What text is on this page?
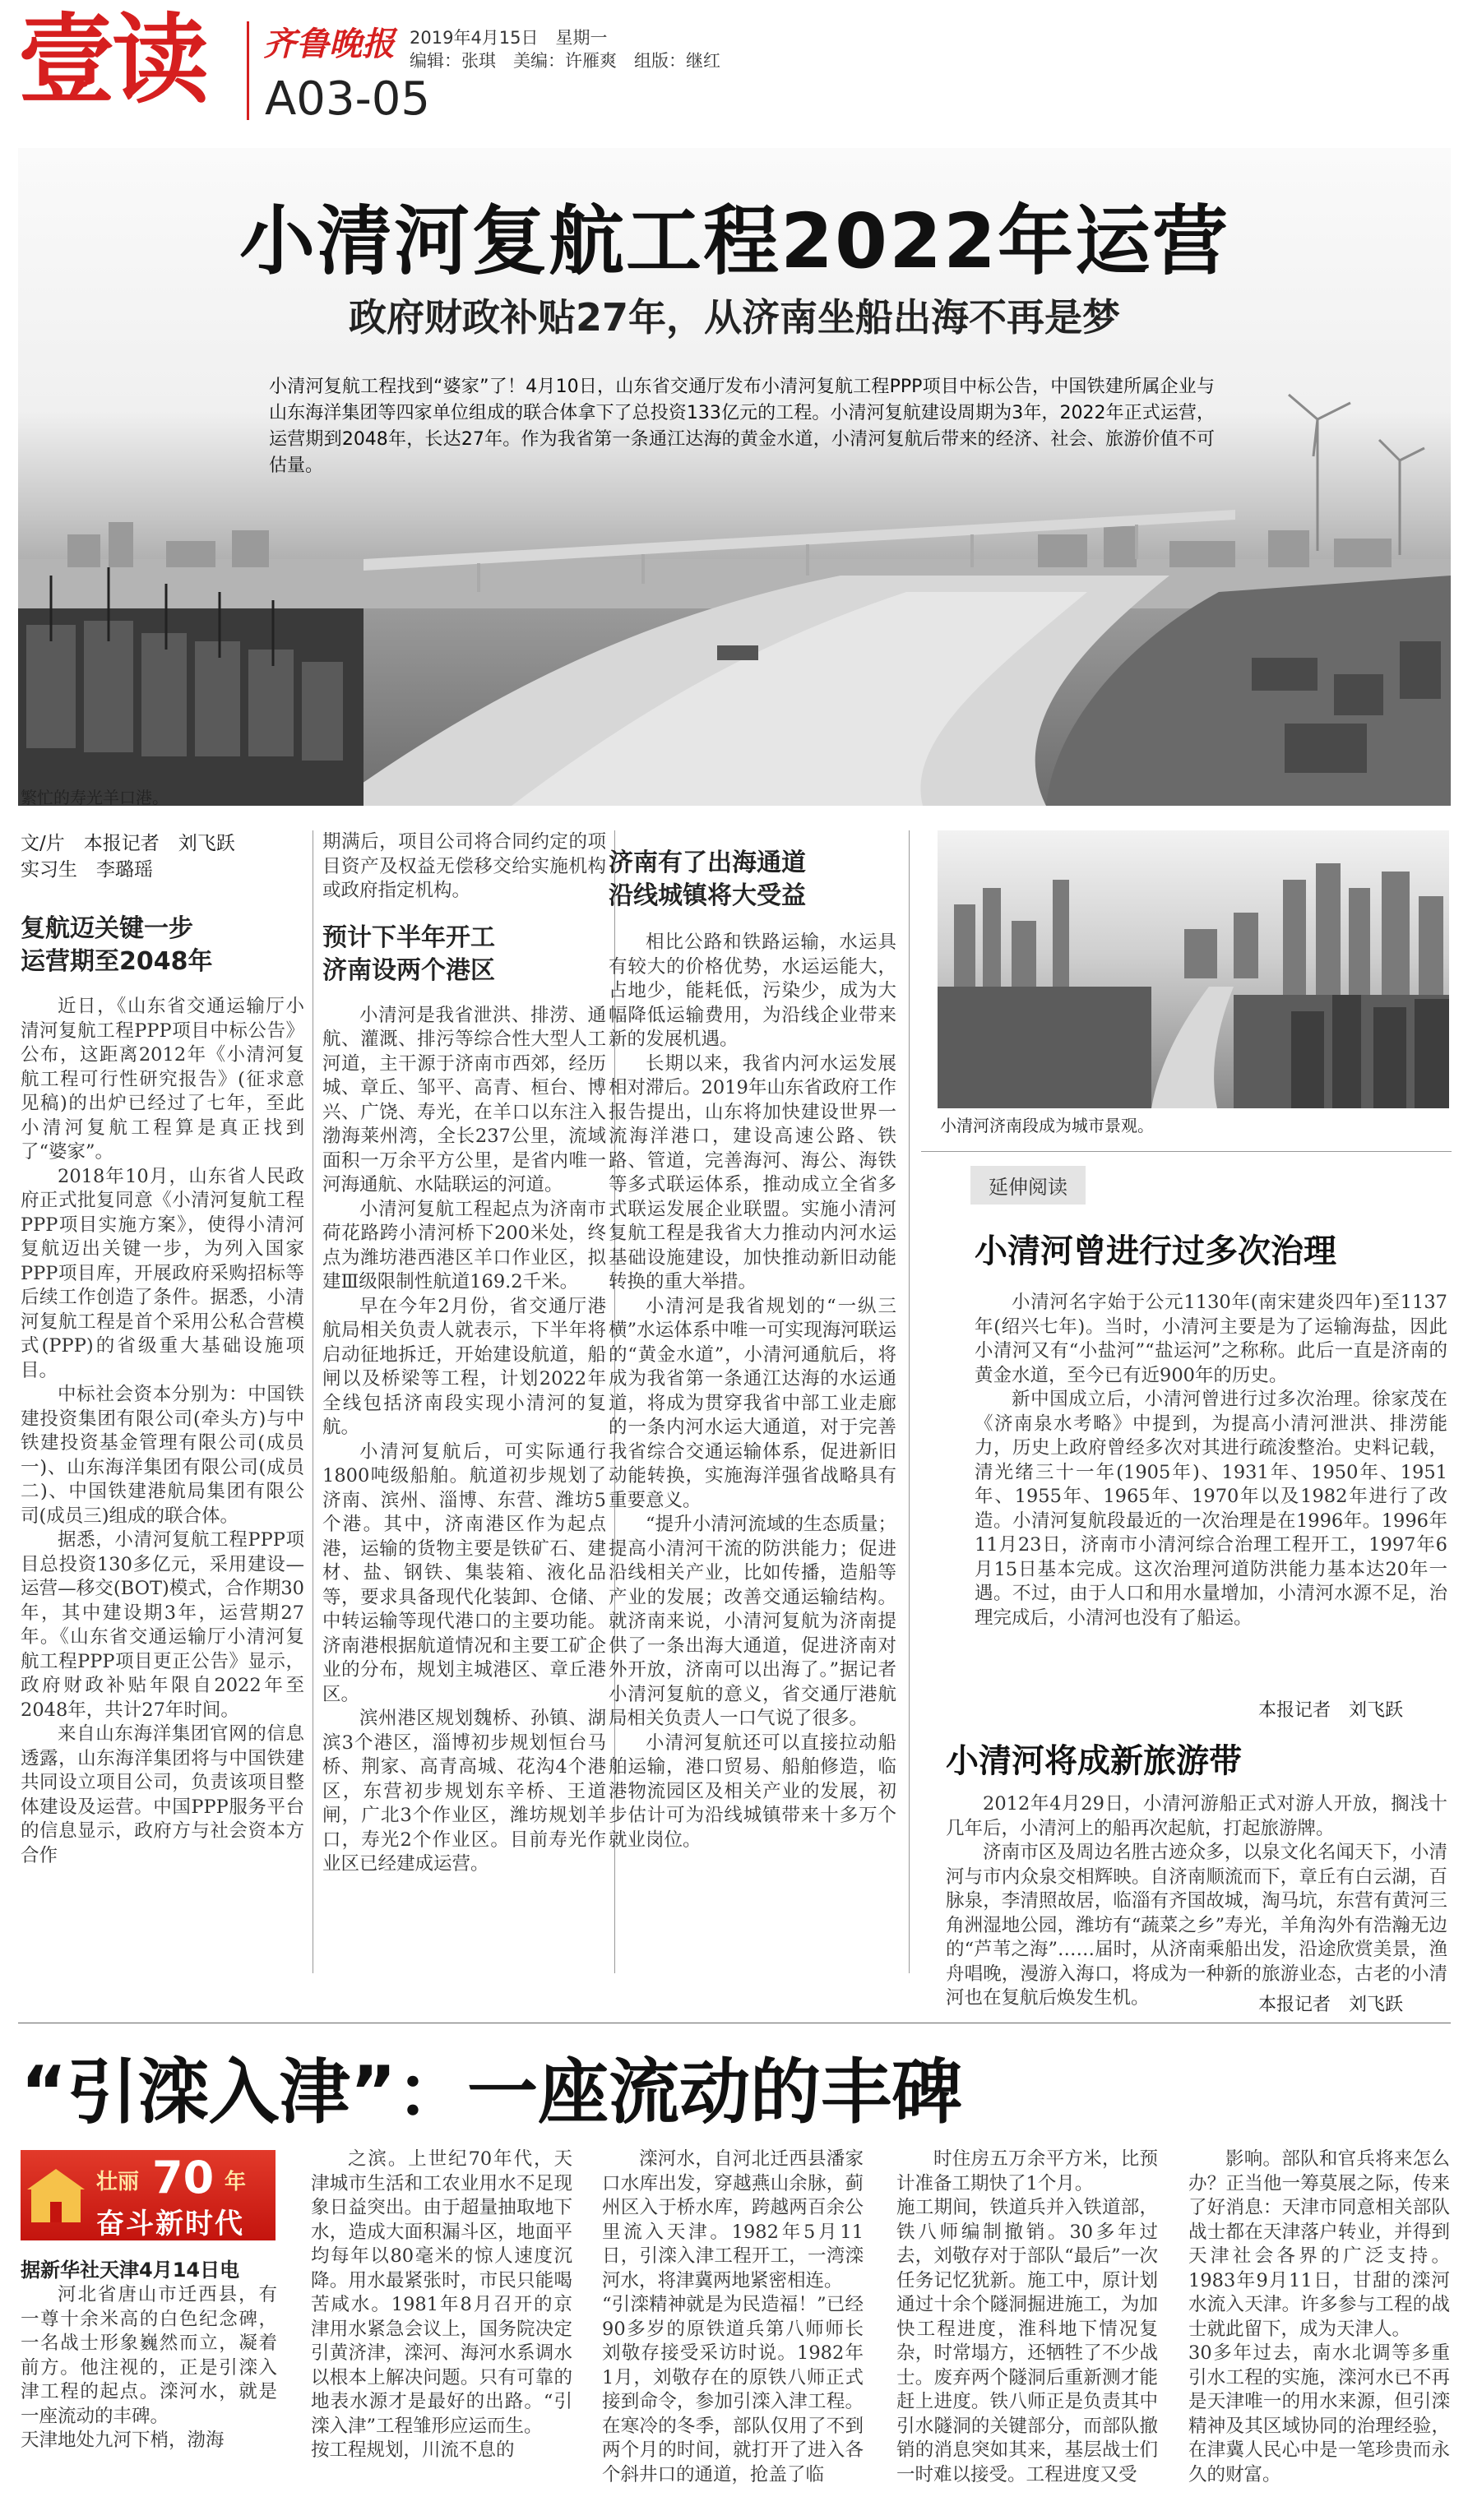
壹读 齐鲁晚报
A03-05
2019年4月15日　星期一
编辑：张琪　美编：许雁爽　组版：继红
小清河复航工程2022年运营
政府财政补贴27年，从济南坐船出海不再是梦
小清河复航工程找到“婆家”了！4月10日，山东省交通厅发布小清河复航工程PPP项目中标公告，中国铁建所属企业与山东海洋集团等四家单位组成的联合体拿下了总投资133亿元的工程。小清河复航建设周期为3年，2022年正式运营，运营期到2048年，长达27年。作为我省第一条通江达海的黄金水道，小清河复航后带来的经济、社会、旅游价值不可估量。
繁忙的寿光羊口港。
文/片　本报记者　刘飞跃
实习生　李璐瑶
复航迈关键一步
运营期至2048年

近日，《山东省交通运输厅小清河复航工程PPP项目中标公告》公布，这距离2012年《小清河复航工程可行性研究报告》(征求意见稿)的出炉已经过了七年，至此小清河复航工程算是真正找到了“婆家”。

2018年10月，山东省人民政府正式批复同意《小清河复航工程PPP项目实施方案》，使得小清河复航迈出关键一步，为列入国家PPP项目库，开展政府采购招标等后续工作创造了条件。据悉，小清河复航工程是首个采用公私合营模式(PPP)的省级重大基础设施项目。

中标社会资本分别为：中国铁建投资集团有限公司(牵头方)与中铁建投资基金管理有限公司(成员一)、山东海洋集团有限公司(成员二)、中国铁建港航局集团有限公司(成员三)组成的联合体。

据悉，小清河复航工程PPP项目总投资130多亿元，采用建设—运营—移交(BOT)模式，合作期30年，其中建设期3年，运营期27年。《山东省交通运输厅小清河复航工程PPP项目更正公告》显示，政府财政补贴年限自2022年至2048年，共计27年时间。

来自山东海洋集团官网的信息透露，山东海洋集团将与中国铁建共同设立项目公司，负责该项目整体建设及运营。中国PPP服务平台的信息显示，政府方与社会资本方合作

期满后，项目公司将合同约定的项目资产及权益无偿移交给实施机构或政府指定机构。
预计下半年开工
济南设两个港区

小清河是我省泄洪、排涝、通航、灌溉、排污等综合性大型人工河道，主干源于济南市西郊，经历城、章丘、邹平、高青、桓台、博兴、广饶、寿光，在羊口以东注入渤海莱州湾，全长237公里，流域面积一万余平方公里，是省内唯一河海通航、水陆联运的河道。

小清河复航工程起点为济南市荷花路跨小清河桥下200米处，终点为潍坊港西港区羊口作业区，拟建Ⅲ级限制性航道169.2千米。

早在今年2月份，省交通厅港航局相关负责人就表示，下半年将启动征地拆迁，开始建设航道，船闸以及桥梁等工程，计划2022年全线包括济南段实现小清河的复航。

小清河复航后，可实际通行1800吨级船舶。航道初步规划了济南、滨州、淄博、东营、潍坊5个港。其中，济南港区作为起点港，运输的货物主要是铁矿石、建材、盐、钢铁、集装箱、液化品等，要求具备现代化装卸、仓储、中转运输等现代港口的主要功能。济南港根据航道情况和主要工矿企业的分布，规划主城港区、章丘港区。

滨州港区规划魏桥、孙镇、湖滨3个港区，淄博初步规划恒台马桥、荆家、高青高城、花沟4个港区，东营初步规划东辛桥、王道闸，广北3个作业区，潍坊规划羊口，寿光2个作业区。目前寿光作业区已经建成运营。

济南有了出海通道
沿线城镇将大受益

相比公路和铁路运输，水运具有较大的价格优势，水运运能大，占地少，能耗低，污染少，成为大幅降低运输费用，为沿线企业带来新的发展机遇。

长期以来，我省内河水运发展相对滞后。2019年山东省政府工作报告提出，山东将加快建设世界一流海洋港口，建设高速公路、铁路、管道，完善海河、海公、海铁等多式联运体系，推动成立全省多式联运发展企业联盟。实施小清河复航工程是我省大力推动内河水运基础设施建设，加快推动新旧动能转换的重大举措。

小清河是我省规划的“一纵三横”水运体系中唯一可实现海河联运的“黄金水道”，小清河通航后，将成为我省第一条通江达海的水运通道，将成为贯穿我省中部工业走廊的一条内河水运大通道，对于完善我省综合交通运输体系，促进新旧动能转换，实施海洋强省战略具有重要意义。

“提升小清河流域的生态质量；提高小清河干流的防洪能力；促进沿线相关产业，比如传播，造船等产业的发展；改善交通运输结构。就济南来说，小清河复航为济南提供了一条出海大通道，促进济南对外开放，济南可以出海了。”据记者小清河复航的意义，省交通厅港航局相关负责人一口气说了很多。

小清河复航还可以直接拉动船舶运输，港口贸易、船舶修造，临港物流园区及相关产业的发展，初步估计可为沿线城镇带来十多万个就业岗位。

小清河济南段成为城市景观。
延伸阅读
小清河曾进行过多次治理

小清河名字始于公元1130年(南宋建炎四年)至1137年(绍兴七年)。当时，小清河主要是为了运输海盐，因此小清河又有“小盐河”“盐运河”之称称。此后一直是济南的黄金水道，至今已有近900年的历史。

新中国成立后，小清河曾进行过多次治理。徐家茂在《济南泉水考略》中提到，为提高小清河泄洪、排涝能力，历史上政府曾经多次对其进行疏浚整治。史料记载，清光绪三十一年(1905年)、1931年、1950年、1951年、1955年、1965年、1970年以及1982年进行了改造。小清河复航段最近的一次治理是在1996年。1996年11月23日，济南市小清河综合治理工程开工，1997年6月15日基本完成。这次治理河道防洪能力基本达20年一遇。不过，由于人口和用水量增加，小清河水源不足，治理完成后，小清河也没有了船运。

本报记者　刘飞跃
小清河将成新旅游带

2012年4月29日，小清河游船正式对游人开放，搁浅十几年后，小清河上的船再次起航，打起旅游牌。

济南市区及周边名胜古迹众多，以泉文化名闻天下，小清河与市内众泉交相辉映。自济南顺流而下，章丘有白云湖，百脉泉，李清照故居，临淄有齐国故城，淘马坑，东营有黄河三角洲湿地公园，潍坊有“蔬菜之乡”寿光，羊角沟外有浩瀚无边的“芦苇之海”……届时，从济南乘船出发，沿途欣赏美景，渔舟唱晚，漫游入海口，将成为一种新的旅游业态，古老的小清河也在复航后焕发生机。	本报记者　刘飞跃
“引滦入津”：一座流动的丰碑
壮丽 70 年
奋斗新时代
据新华社天津4月14日电
河北省唐山市迁西县，有一尊十余米高的白色纪念碑，一名战士形象巍然而立，凝着前方。他注视的，正是引滦入津工程的起点。滦河水，就是一座流动的丰碑。
天津地处九河下梢，渤海
之滨。上世纪70年代，天津城市生活和工农业用水不足现象日益突出。由于超量抽取地下水，造成大面积漏斗区，地面平均每年以80毫米的惊人速度沉降。用水最紧张时，市民只能喝苦咸水。1981年8月召开的京津用水紧急会议上，国务院决定引黄济津，滦河、海河水系调水以根本上解决问题。只有可靠的地表水源才是最好的出路。“引滦入津”工程雏形应运而生。
按工程规划，川流不息的
滦河水，自河北迁西县潘家口水库出发，穿越燕山余脉，蓟州区入于桥水库，跨越两百余公里流入天津。1982年5月11日，引滦入津工程开工，一湾滦河水，将津冀两地紧密相连。
“引滦精神就是为民造福！”已经90多岁的原铁道兵第八师师长刘敬存接受采访时说。1982年1月，刘敬存在的原铁八师正式接到命令，参加引滦入津工程。在寒冷的冬季，部队仅用了不到两个月的时间，就打开了进入各个斜井口的通道，抢盖了临
时住房五万余平方米，比预计准备工期快了1个月。
施工期间，铁道兵并入铁道部，铁八师编制撤销。30多年过去，刘敬存对于部队“最后”一次任务记忆犹新。施工中，原计划通过十余个隧洞掘进施工，为加快工程进度，淮科地下情况复杂，时常塌方，还牺牲了不少战士。废弃两个隧洞后重新测才能赶上进度。铁八师正是负责其中引水隧洞的关键部分，而部队撤销的消息突如其来，基层战士们一时难以接受。工程进度又受
影响。部队和官兵将来怎么办？正当他一筹莫展之际，传来了好消息：天津市同意相关部队战士都在天津落户转业，并得到天津社会各界的广泛支持。1983年9月11日，甘甜的滦河水流入天津。许多参与工程的战士就此留下，成为天津人。
30多年过去，南水北调等多重引水工程的实施，滦河水已不再是天津唯一的用水来源，但引滦精神及其区域协同的治理经验，在津冀人民心中是一笔珍贵而永久的财富。
